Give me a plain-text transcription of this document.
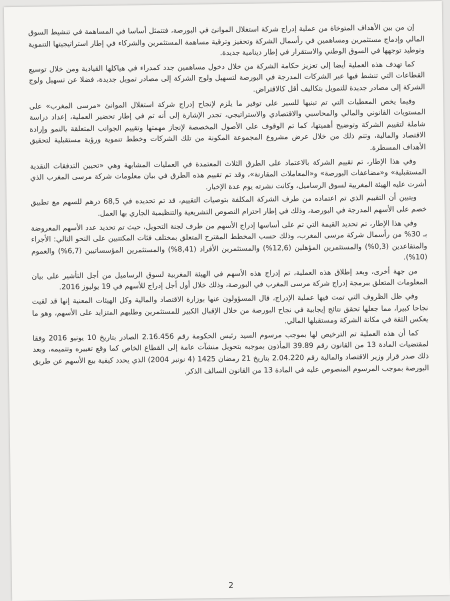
إن من بين الأهداف المتوخاة من عملية إدراج شركة استغلال الموانئ في البورصة، فتتمثل أساسا في المساهمة في تنشيط السوق المالي وإدماج مستثمرين ومساهمين في رأسمال الشركة وتحفيز وترقية مساهمة المستثمرين والشركاء في إطار استراتيجيتها التنموية وتوطيد توجهها في السوق الوطني والاستقرار في إطار دينامية جديدة.

كما تهدف هذه العملية أيضا إلى تعزيز حكامة الشركة من خلال دخول مساهمين جدد كمدراء في هياكلها القيادية ومن خلال توسيع القطاعات التي تنشط فيها عبر الشركات المدرجة في البورصة لتسهيل ولوج الشركة إلى مصادر تمويل جديدة، فضلا عن تسهيل ولوج الشركة إلى مصادر جديدة للتمويل بتكاليف أقل كالاقتراض.

وفيما يخص المعطيات التي تم تبنيها للسير على توفير ما يلزم لإنجاح إدراج شركة استغلال الموانئ «مرسى المغرب» على المستويات القانوني والمالي والمحاسبي والاقتصادي والاستراتيجي، تجدر الإشارة إلى أنه تم في إطار تحضير العملية، إعداد دراسة شاملة لتقييم الشركة وتوضيح أهميتها، كما تم الوقوف على الأصول المخصصة لإنجاز مهمتها وتقييم الجوانب المتعلقة بالنمو وإرادة الاقتصاد والمالية، وتتم ذلك من خلال عرض مشروع المجموعة المكونة من تلك الشركات وخطط تنموية ورؤية مستقبلية لتحقيق الأهداف المسطرة.

وفي هذا الإطار، تم تقييم الشركة بالاعتماد على الطرق الثلاث المعتمدة في العمليات المشابهة وهي «تحيين التدفقات النقدية المستقبلية» و«مضاعفات البورصة» و«المعاملات المقارنة»، وقد تم تقييم هذه الطرق في بيان معلومات شركة مرسى المغرب الذي أشرت عليه الهيئة المغربية لسوق الرساميل، وكانت نشرته يوم عدة الإخبار.

ويتبين أن التقييم الذي تم اعتماده من طرف الشركة المكلفة بتوصيات التقييم، قد تم تحديده في 68,5 درهم للسهم مع تطبيق خصم على الأسهم المدرجة في البورصة، وذلك في إطار احترام النصوص التشريعية والتنظيمية الجاري بها العمل.

وفي هذا الإطار، تم تحديد القيمة التي تم على أساسها إدراج الأسهم من طرف لجنة التحويل، حيث تم تحديد عدد الأسهم المعروضة بـ 30% من رأسمال شركة مرسى المغرب، وذلك حسب المخطط المقترح المتعلق بمختلف فئات المكتتبين على النحو التالي: الأجراء والمتقاعدين (0,3%) والمستثمرين المؤهلين (12,6%) والمستثمرين الأفراد (8,41%) والمستثمرين المؤسساتيين (6,7%) والعموم (10%).

من جهة أخرى، وبعد إطلاق هذه العملية، تم إدراج هذه الأسهم في الهيئة المغربية لسوق الرساميل من أجل التأشير على بيان المعلومات المتعلق ببرمجة إدراج شركة مرسى المغرب في البورصة، وذلك خلال أول أجل إدراج للأسهم في 19 يوليوز 2016.

وفي ظل الظروف التي تمت فيها عملية الإدراج، قال المسؤولون عنها بوزارة الاقتصاد والمالية وكل الهيئات المعنية إنها قد لقيت نجاحا كبيرا، مما جعلها تحقق نتائج إيجابية في نجاح البورصة من خلال الإقبال الكبير للمستثمرين وطلبهم المتزايد على الأسهم، وهو ما يعكس الثقة في مكانة الشركة ومستقبلها المالي.

كما أن هذه العملية تم الترخيص لها بموجب مرسوم السيد رئيس الحكومة رقم 2.16.456 الصادر بتاريخ 10 يونيو 2016 وفقا لمقتضيات المادة 13 من القانون رقم 39.89 المأذون بموجبه بتحويل منشآت عامة إلى القطاع الخاص كما وقع تغييره وتتميمه، وبعد ذلك صدر قرار وزير الاقتصاد والمالية رقم 2.04.220 بتاريخ 21 رمضان 1425 (4 نونبر 2004) الذي يحدد كيفية بيع الأسهم عن طريق البورصة بموجب المرسوم المنصوص عليه في المادة 13 من القانون السالف الذكر.

2
